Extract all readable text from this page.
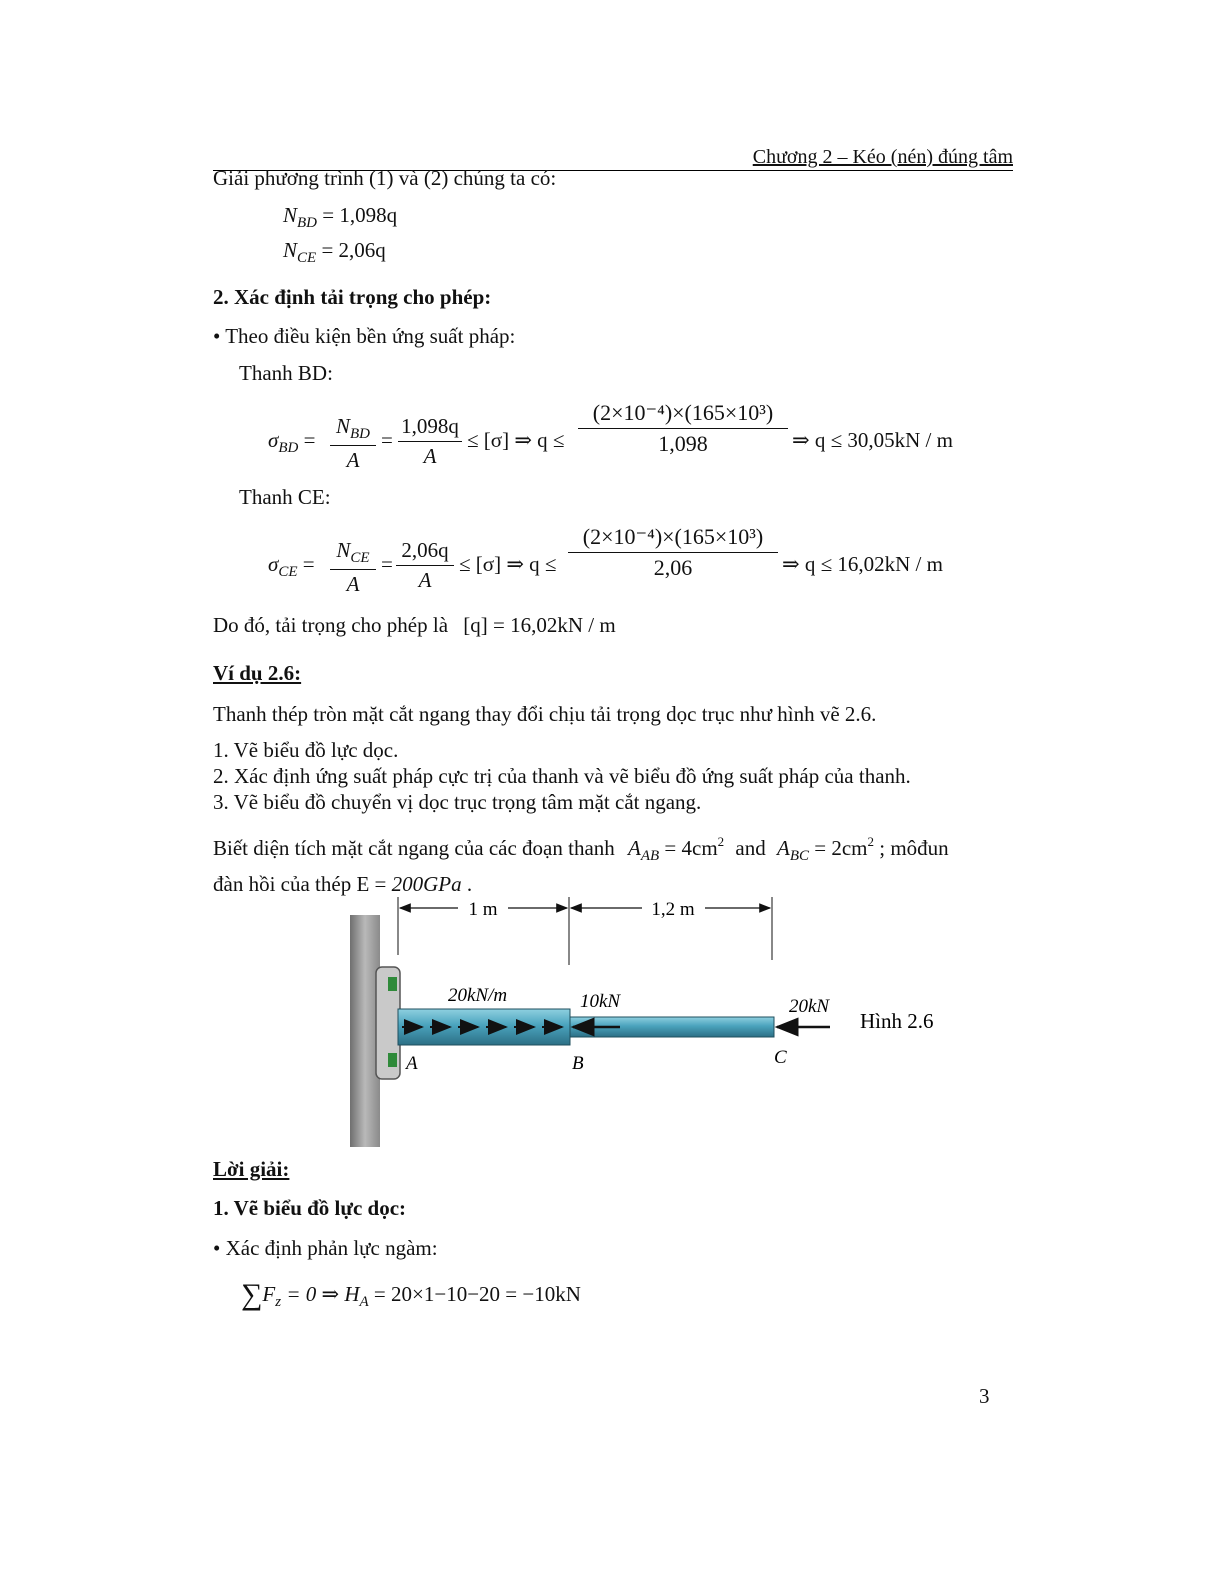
Chương 2 – Kéo (nén) đúng tâm
Giải phương trình (1) và (2) chúng ta có:
$N_{BD} = 1,098q$
$N_{CE} = 2,06q$
2. Xác định tải trọng cho phép:
• Theo điều kiện bền ứng suất pháp:
Thanh BD:
$\sigma_{BD}$ =
$N_{BD}$
A
= $\frac{1,098q}{A} \le [\sigma]$ ⇒ $q \le \frac{\text{(2×10⁻⁴)×(165×10³)}}{1,098}$ ⇒ q ≤ 30,05kN / m
Thanh CE:
$\sigma_{CE}$ =
$N_{CE}$
A
= $\frac{2,06q}{A} \le [\sigma]$ ⇒ $q \le \frac{\text{(2×10⁻⁴)×(165×10³)}}{2,06}$ ⇒ q ≤ 16,02kN / m
Do đó, tải trọng cho phép là [q] = 16,02kN / m
Ví dụ 2.6:
Thanh thép tròn mặt cắt ngang thay đổi chịu tải trọng dọc trục như hình vẽ 2.6.
1. Vẽ biểu đồ lực dọc.
2. Xác định ứng suất pháp cực trị của thanh và vẽ biểu đồ ứng suất pháp của thanh.
3. Vẽ biểu đồ chuyển vị dọc trục trọng tâm mặt cắt ngang.
Biết diện tích mặt cắt ngang của các đoạn thanh $A_{AB} = 4cm^2$ and $A_{BC} = 2cm^2$ ; môđun
đàn hồi của thép E = 200GPa .
1 m	1,2 m
20kN/m	10kN	20kN
A	B	C
Hình 2.6
Lời giải:
1. Vẽ biểu đồ lực dọc:
• Xác định phản lực ngàm:
$\sum F_z = 0$ ⇒ $H_A = 20\times 1-10-20 = -10kN$
3
